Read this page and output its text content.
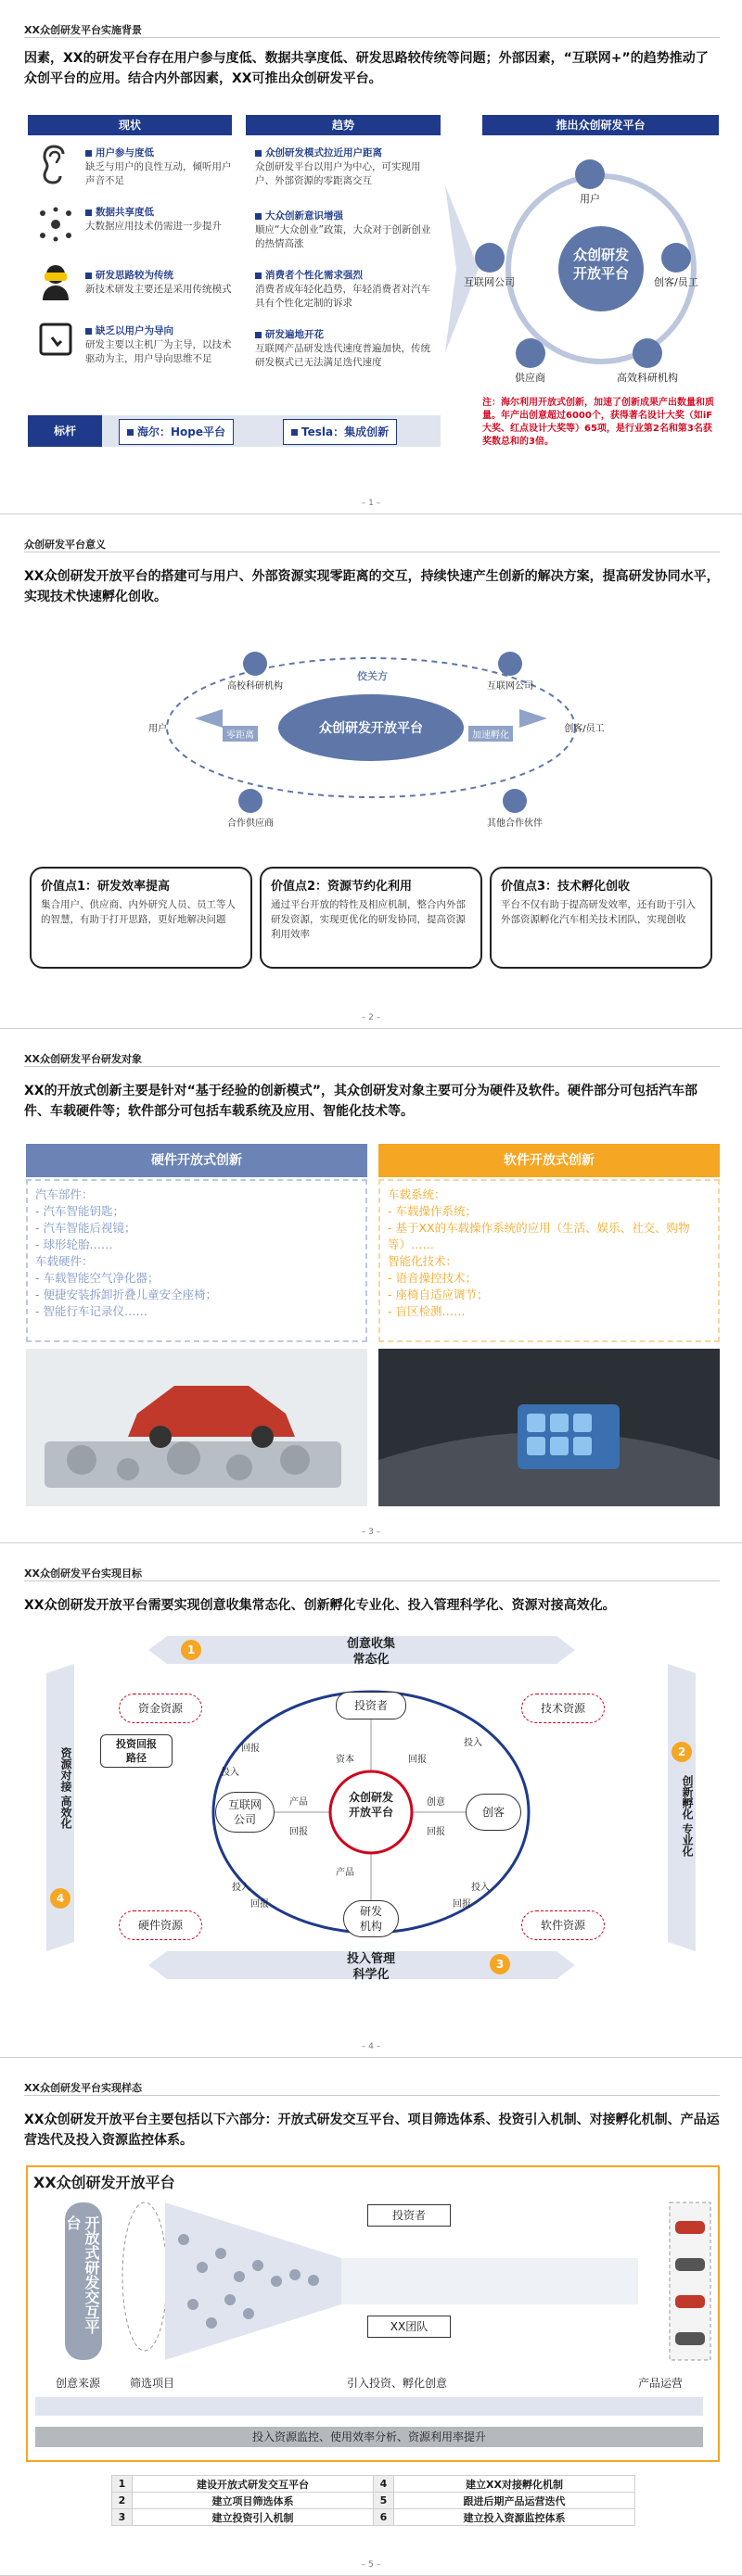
XX众创研发平台实施背景
因素，XX的研发平台存在用户参与度低、数据共享度低、研发思路较传统等问题；外部因素，“互联网+”的趋势推动了众创平台的应用。结合内外部因素，XX可推出众创研发平台。
现状	趋势	推出众创研发平台
用户参与度低
缺乏与用户的良性互动，倾听用户声音不足
数据共享度低
大数据应用技术仍需进一步提升
研发思路较为传统
新技术研发主要还是采用传统模式
缺乏以用户为导向
研发主要以主机厂为主导，以技术驱动为主，用户导向思维不足
众创研发模式拉近用户距离
众创研发平台以用户为中心，可实现用户、外部资源的零距离交互
大众创新意识增强
顺应“大众创业”政策，大众对于创新创业的热情高涨
消费者个性化需求强烈
消费者成年轻化趋势，年轻消费者对汽车具有个性化定制的诉求
研发遍地开花
互联网产品研发迭代速度普遍加快，传统研发模式已无法满足迭代速度
众创研发
开放平台
用户
创客/员工
高效科研机构
供应商
互联网公司
注：海尔利用开放式创新，加速了创新成果产出数量和质量。年产出创意超过6000个，获得著名设计大奖（如iF大奖、红点设计大奖等）65项，是行业第2名和第3名获奖数总和的3倍。
标杆	海尔：Hope平台	Tesla：集成创新
– 1 –
众创研发平台意义
XX众创研发开放平台的搭建可与用户、外部资源实现零距离的交互，持续快速产生创新的解决方案，提高研发协同水平，实现技术快速孵化创收。
众创研发开放平台
佼关方
零距离	加速孵化
高校科研机构	互联网公司
用户	创客/员工
合作供应商	其他合作伙伴
价值点1：研发效率提高
集合用户、供应商、内外研究人员、员工等人的智慧，有助于打开思路，更好地解决问题
价值点2：资源节约化利用
通过平台开放的特性及相应机制，整合内外部研发资源，实现更优化的研发协同，提高资源利用效率
价值点3：技术孵化创收
平台不仅有助于提高研发效率，还有助于引入外部资源孵化汽车相关技术团队，实现创收
– 2 –
XX众创研发平台研发对象
XX的开放式创新主要是针对“基于经验的创新模式”，其众创研发对象主要可分为硬件及软件。硬件部分可包括汽车部件、车载硬件等；软件部分可包括车载系统及应用、智能化技术等。
硬件开放式创新
汽车部件：
- 汽车智能钥匙；
- 汽车智能后视镜；
- 球形轮胎……
车载硬件：
- 车载智能空气净化器；
- 便捷安装拆卸折叠儿童安全座椅；
- 智能行车记录仪……
软件开放式创新
车载系统：
- 车载操作系统；
- 基于XX的车载操作系统的应用（生活、娱乐、社交、购物等）……
智能化技术：
- 语音操控技术；
- 座椅自适应调节；
- 盲区检测……
– 3 –
XX众创研发平台实现目标
XX众创研发开放平台需要实现创意收集常态化、创新孵化专业化、投入管理科学化、资源对接高效化。
1	创意收集
常态化
2
创新孵化 专业化
3
投入管理
科学化
4
资源对接 高效化	众创研发
开放平台
投资者
创客
研发
机构
互联网
公司
资金资源	技术资源
硬件资源	软件资源
投资回报
路径
回报
投入
资本
产品
回报
创意
回报
投入
产品
投入
回报
投入
回报
回报
– 4 –
XX众创研发平台实现样态
XX众创研发开放平台主要包括以下六部分：开放式研发交互平台、项目筛选体系、投资引入机制、对接孵化机制、产品运营迭代及投入资源监控体系。
XX众创研发开放平台
开放式研发交互平台	投资者
XX团队
创意来源	筛选项目	引入投资、孵化创意	产品运营
投入资源监控、使用效率分析、资源利用率提升
1	建设开放式研发交互平台	4	建立XX对接孵化机制
2	建立项目筛选体系	5	跟进后期产品运营迭代
3	建立投资引入机制	6	建立投入资源监控体系
– 5 –
